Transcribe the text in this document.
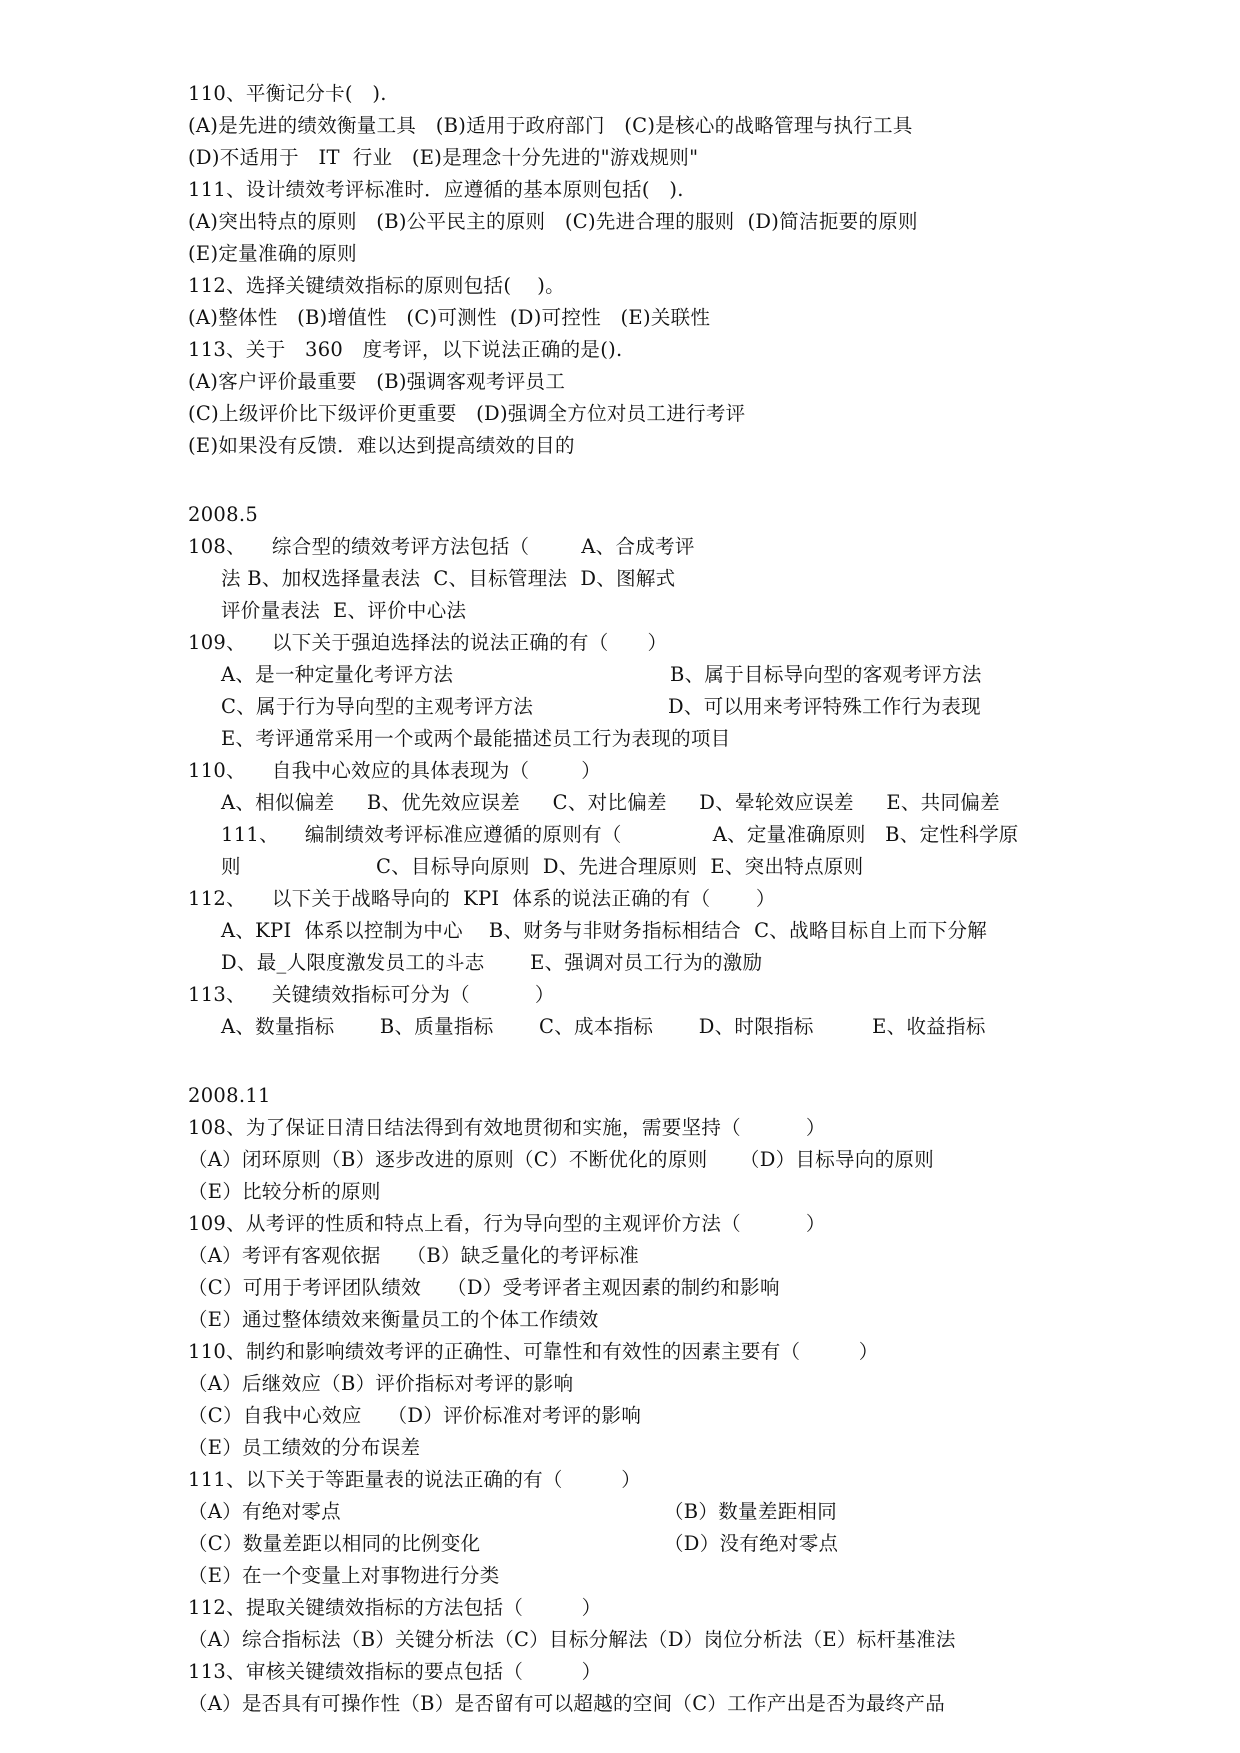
110、平衡记分卡(   ).
(A)是先进的绩效衡量工具   (B)适用于政府部门   (C)是核心的战略管理与执行工具
(D)不适用于   IT  行业   (E)是理念十分先进的"游戏规则"
111、设计绩效考评标准时．应遵循的基本原则包括(   ).
(A)突出特点的原则   (B)公平民主的原则   (C)先进合理的服则  (D)简洁扼要的原则
(E)定量准确的原则
112、选择关键绩效指标的原则包括(    )。
(A)整体性   (B)增值性   (C)可测性  (D)可控性   (E)关联性
113、关于   360   度考评，以下说法正确的是().
(A)客户评价最重要   (B)强调客观考评员工
(C)上级评价比下级评价更重要   (D)强调全方位对员工进行考评
(E)如果没有反馈．难以达到提高绩效的目的
2008.5
108、    综合型的绩效考评方法包括（        A、合成考评
法 B、加权选择量表法  C、目标管理法  D、图解式
评价量表法  E、评价中心法
109、    以下关于强迫选择法的说法正确的有（      ）
A、是一种定量化考评方法	B、属于目标导向型的客观考评方法
C、属于行为导向型的主观考评方法	D、可以用来考评特殊工作行为表现
E、考评通常采用一个或两个最能描述员工行为表现的项目
110、    自我中心效应的具体表现为（        ）
A、相似偏差     B、优先效应误差     C、对比偏差     D、晕轮效应误差     E、共同偏差
111、    编制绩效考评标准应遵循的原则有（              A、定量准确原则   B、定性科学原
则	C、目标导向原则  D、先进合理原则  E、突出特点原则
112、    以下关于战略导向的  KPI  体系的说法正确的有（       ）
A、KPI  体系以控制为中心    B、财务与非财务指标相结合  C、战略目标自上而下分解
D、最_人限度激发员工的斗志       E、强调对员工行为的激励
113、    关键绩效指标可分为（          ）
A、数量指标       B、质量指标       C、成本指标       D、时限指标         E、收益指标
2008.11
108、为了保证日清日结法得到有效地贯彻和实施，需要坚持（          ）
（A）闭环原则（B）逐步改进的原则（C）不断优化的原则     （D）目标导向的原则
（E）比较分析的原则
109、从考评的性质和特点上看，行为导向型的主观评价方法（          ）
（A）考评有客观依据    （B）缺乏量化的考评标准
（C）可用于考评团队绩效    （D）受考评者主观因素的制约和影响
（E）通过整体绩效来衡量员工的个体工作绩效
110、制约和影响绩效考评的正确性、可靠性和有效性的因素主要有（         ）
（A）后继效应（B）评价指标对考评的影响
（C）自我中心效应    （D）评价标准对考评的影响
（E）员工绩效的分布误差
111、以下关于等距量表的说法正确的有（         ）
（A）有绝对零点	（B）数量差距相同
（C）数量差距以相同的比例变化	（D）没有绝对零点
（E）在一个变量上对事物进行分类
112、提取关键绩效指标的方法包括（         ）
（A）综合指标法（B）关键分析法（C）目标分解法（D）岗位分析法（E）标杆基准法
113、审核关键绩效指标的要点包括（         ）
（A）是否具有可操作性（B）是否留有可以超越的空间（C）工作产出是否为最终产品
